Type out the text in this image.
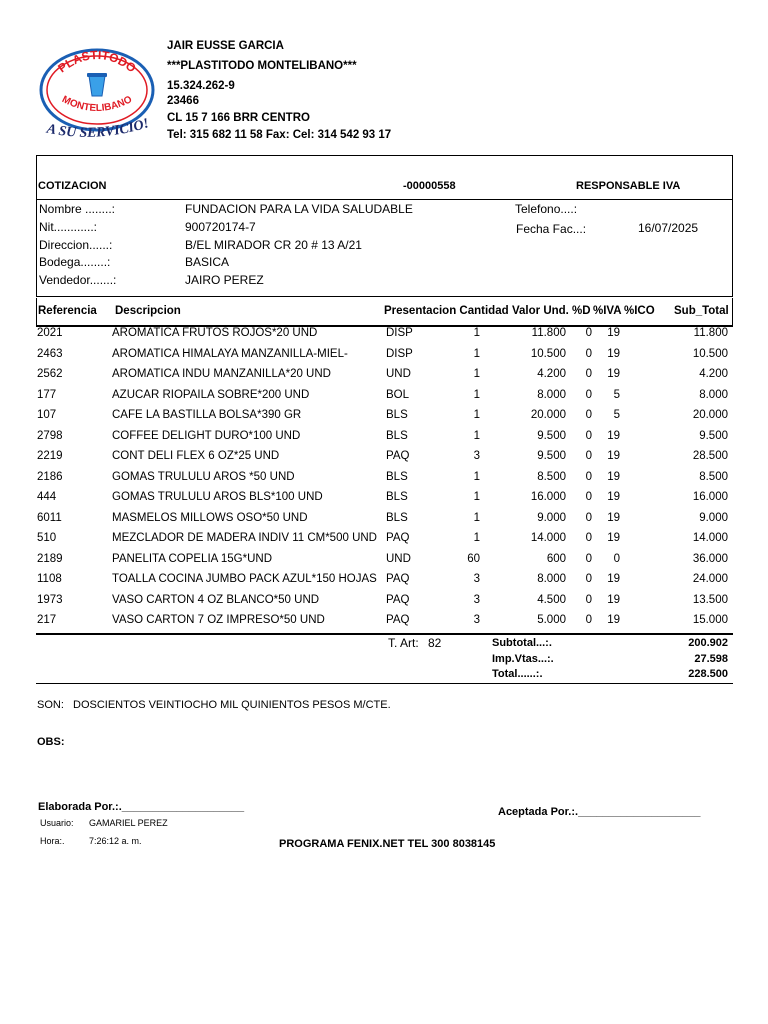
PLASTITODO
MONTELIBANO
A SU SERVICIO!
JAIR EUSSE GARCIA
***PLASTITODO MONTELIBANO***
15.324.262-9
23466
CL 15 7 166 BRR CENTRO
Tel: 315 682 11 58 Fax: Cel: 314 542 93 17
COTIZACION	-00000558	RESPONSABLE IVA
Nombre ........:	FUNDACION PARA LA VIDA SALUDABLE
Nit............:	900720174-7
Direccion......:	B/EL MIRADOR CR 20 # 13 A/21
Bodega........:	BASICA
Vendedor.......:	JAIRO PEREZ
Telefono....:
Fecha Fac...:	16/07/2025
Referencia Descripcion	Presentacion Cantidad Valor Und. %D %IVA %ICO Sub_Total
2021	AROMATICA FRUTOS ROJOS*20 UND	DISP	1	11.800	0	19	11.800
2463	AROMATICA HIMALAYA MANZANILLA-MIEL-	DISP	1	10.500	0	19	10.500
2562	AROMATICA INDU MANZANILLA*20 UND	UND	1	4.200	0	19	4.200
177	AZUCAR RIOPAILA SOBRE*200 UND	BOL	1	8.000	0	5	8.000
107	CAFE LA BASTILLA BOLSA*390 GR	BLS	1	20.000	0	5	20.000
2798	COFFEE DELIGHT DURO*100 UND	BLS	1	9.500	0	19	9.500
2219	CONT DELI FLEX 6 OZ*25 UND	PAQ	3	9.500	0	19	28.500
2186	GOMAS TRULULU AROS *50 UND	BLS	1	8.500	0	19	8.500
444	GOMAS TRULULU AROS BLS*100 UND	BLS	1	16.000	0	19	16.000
6011	MASMELOS MILLOWS OSO*50 UND	BLS	1	9.000	0	19	9.000
510	MEZCLADOR DE MADERA INDIV 11 CM*500 UND PAQ	1	14.000	0	19	14.000
2189	PANELITA COPELIA 15G*UND	UND	60	600	0	0	36.000
1108	TOALLA COCINA JUMBO PACK AZUL*150 HOJAS PAQ	3	8.000	0	19	24.000
1973	VASO CARTON 4 OZ BLANCO*50 UND	PAQ	3	4.500	0	19	13.500
217	VASO CARTON 7 OZ IMPRESO*50 UND	PAQ	3	5.000	0	19	15.000
T. Art: 82	Subtotal...:.	200.902
Imp.Vtas...:.	27.598
Total......:.	228.500
SON: DOSCIENTOS VEINTIOCHO MIL QUINIENTOS PESOS M/CTE.
OBS:
Elaborada Por.:.____________________
Usuario: GAMARIEL PEREZ
Hora:.	7:26:12 a. m.
Aceptada Por.:.____________________
PROGRAMA FENIX.NET TEL 300 8038145
